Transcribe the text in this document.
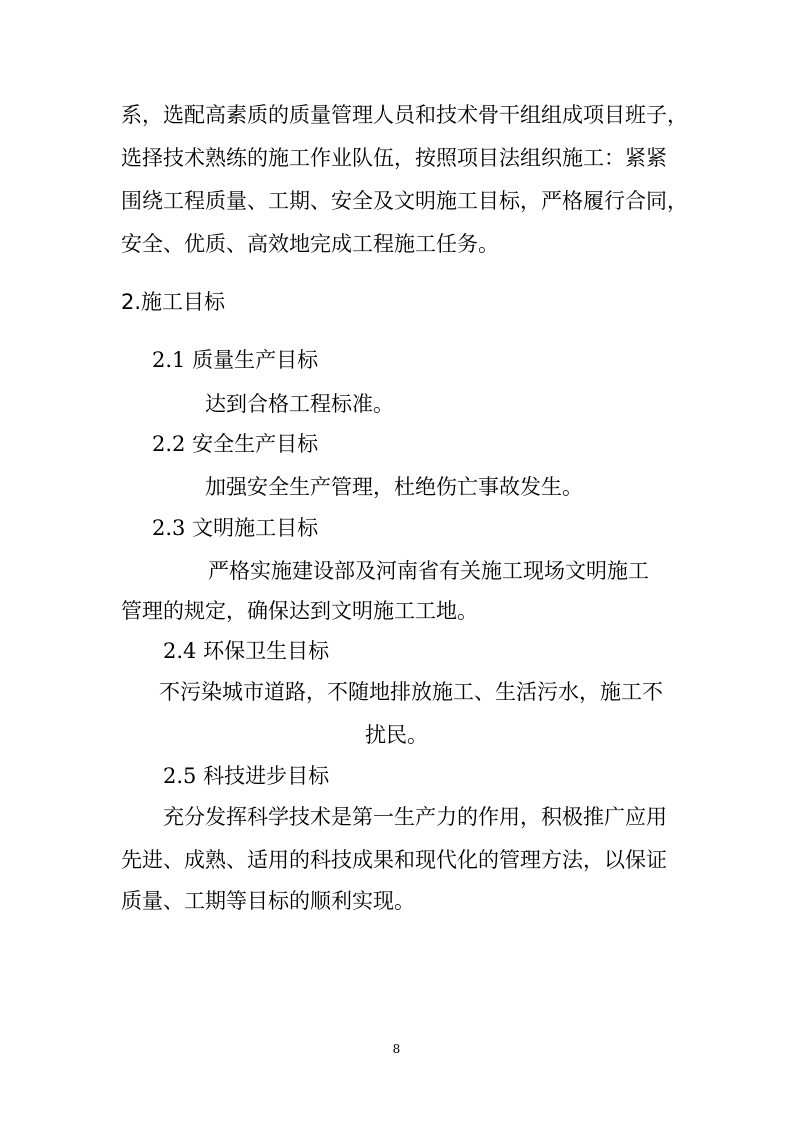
系，选配高素质的质量管理人员和技术骨干组组成项目班子，

选择技术熟练的施工作业队伍，按照项目法组织施工：紧紧

围绕工程质量、工期、安全及文明施工目标，严格履行合同，

安全、优质、高效地完成工程施工任务。

2.施工目标

2.1 质量生产目标

达到合格工程标准。

2.2 安全生产目标

加强安全生产管理，杜绝伤亡事故发生。

2.3 文明施工目标

严格实施建设部及河南省有关施工现场文明施工

管理的规定，确保达到文明施工工地。

2.4 环保卫生目标

不污染城市道路，不随地排放施工、生活污水，施工不

扰民。

2.5 科技进步目标

充分发挥科学技术是第一生产力的作用，积极推广应用

先进、成熟、适用的科技成果和现代化的管理方法，以保证

质量、工期等目标的顺利实现。

8
